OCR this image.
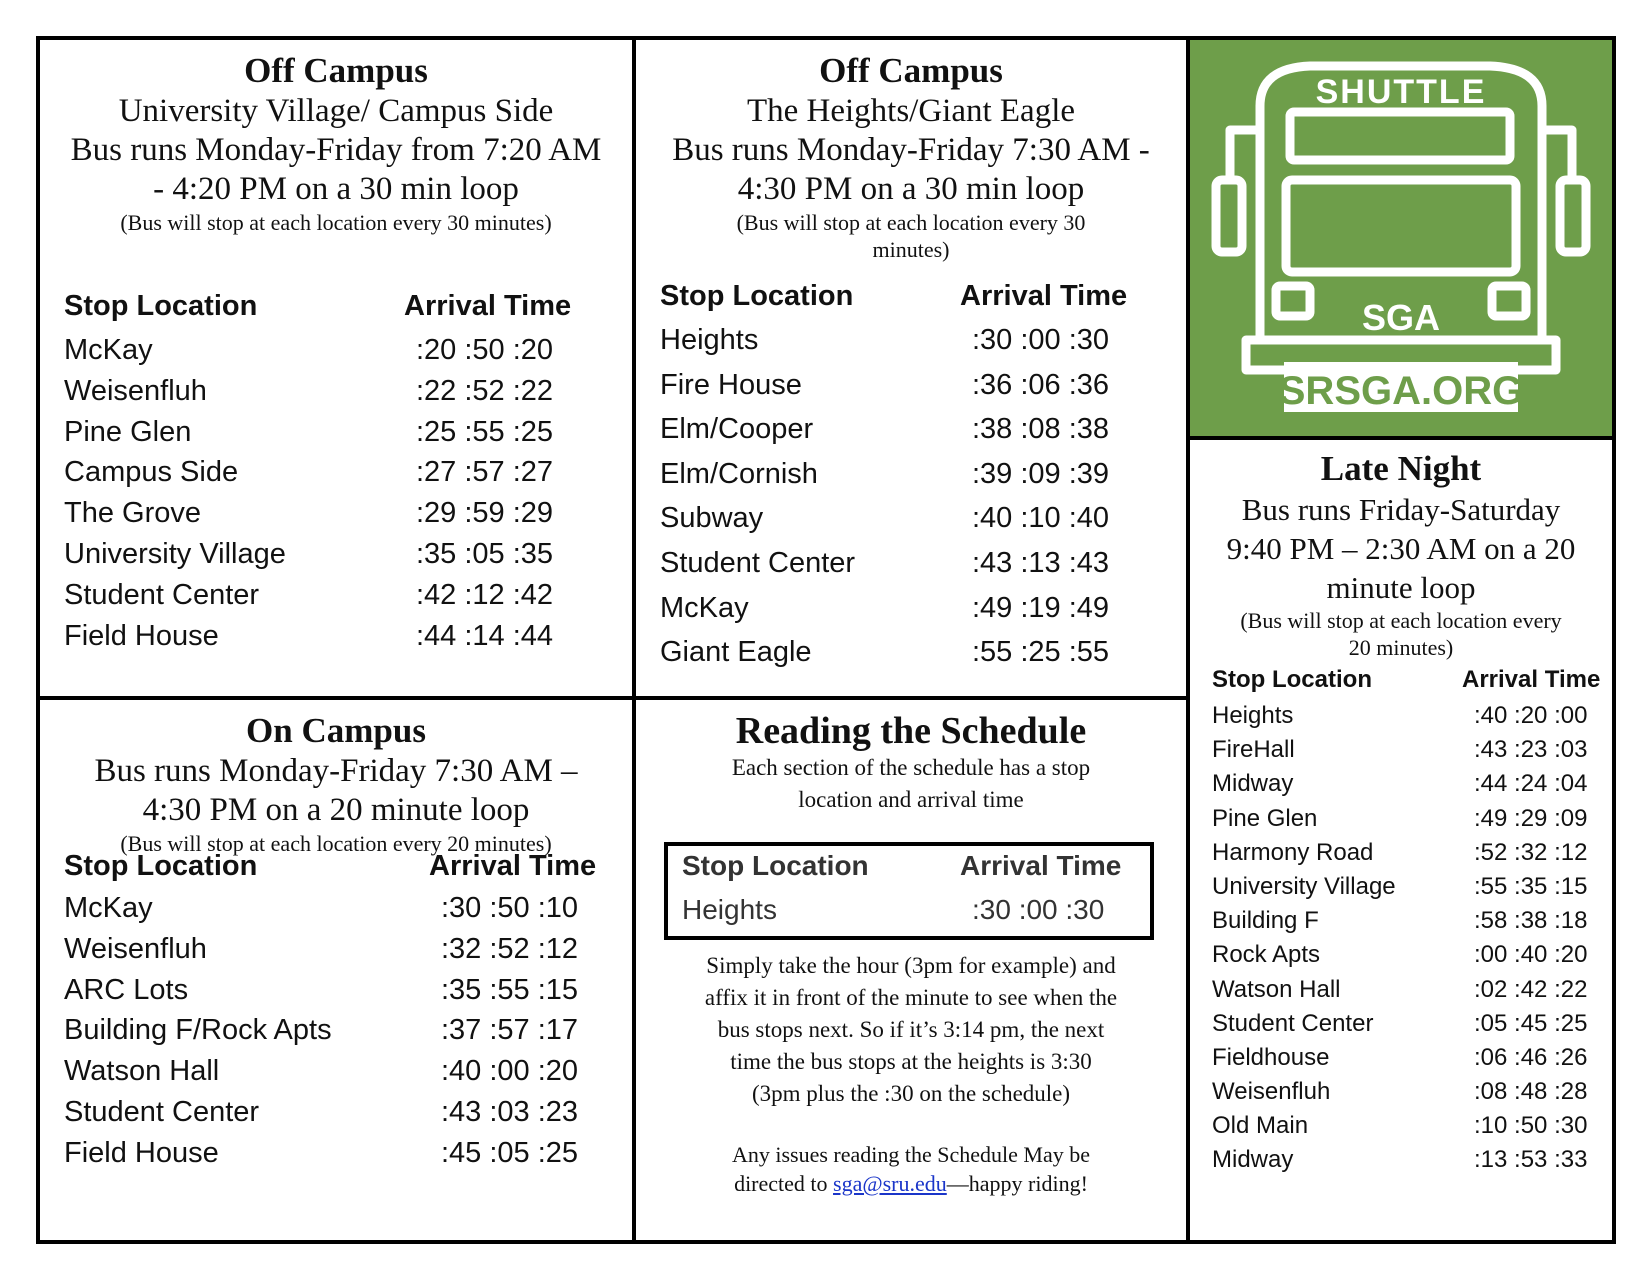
Off Campus
University Village/ Campus Side
Bus runs Monday-Friday from 7:20 AM
- 4:20 PM on a 30 min loop
(Bus will stop at each location every 30 minutes)
Stop Location	Arrival Time
McKay	:20 :50 :20
Weisenfluh	:22 :52 :22
Pine Glen	:25 :55 :25
Campus Side	:27 :57 :27
The Grove	:29 :59 :29
University Village	:35 :05 :35
Student Center	:42 :12 :42
Field House	:44 :14 :44
Off Campus
The Heights/Giant Eagle
Bus runs Monday-Friday 7:30 AM -
4:30 PM on a 30 min loop
(Bus will stop at each location every 30
minutes)
Stop Location	Arrival Time
Heights	:30 :00 :30
Fire House	:36 :06 :36
Elm/Cooper	:38 :08 :38
Elm/Cornish	:39 :09 :39
Subway	:40 :10 :40
Student Center	:43 :13 :43
McKay	:49 :19 :49
Giant Eagle	:55 :25 :55
SHUTTLE
SGA
SRSGA.ORG
On Campus
Bus runs Monday-Friday 7:30 AM –
4:30 PM on a 20 minute loop
(Bus will stop at each location every 20 minutes)
Stop Location	Arrival Time
McKay	:30 :50 :10
Weisenfluh	:32 :52 :12
ARC Lots	:35 :55 :15
Building F/Rock Apts	:37 :57 :17
Watson Hall	:40 :00 :20
Student Center	:43 :03 :23
Field House	:45 :05 :25
Reading the Schedule
Each section of the schedule has a stop
location and arrival time
Stop Location	Arrival Time
Heights	:30 :00 :30
Simply take the hour (3pm for example) and
affix it in front of the minute to see when the
bus stops next. So if it’s 3:14 pm, the next
time the bus stops at the heights is 3:30
(3pm plus the :30 on the schedule)
Any issues reading the Schedule May be
directed to sga@sru.edu—happy riding!
Late Night
Bus runs Friday-Saturday
9:40 PM – 2:30 AM on a 20
minute loop
(Bus will stop at each location every
20 minutes)
Stop Location	Arrival Time
Heights	:40 :20 :00
FireHall	:43 :23 :03
Midway	:44 :24 :04
Pine Glen	:49 :29 :09
Harmony Road	:52 :32 :12
University Village	:55 :35 :15
Building F	:58 :38 :18
Rock Apts	:00 :40 :20
Watson Hall	:02 :42 :22
Student Center	:05 :45 :25
Fieldhouse	:06 :46 :26
Weisenfluh	:08 :48 :28
Old Main	:10 :50 :30
Midway	:13 :53 :33
